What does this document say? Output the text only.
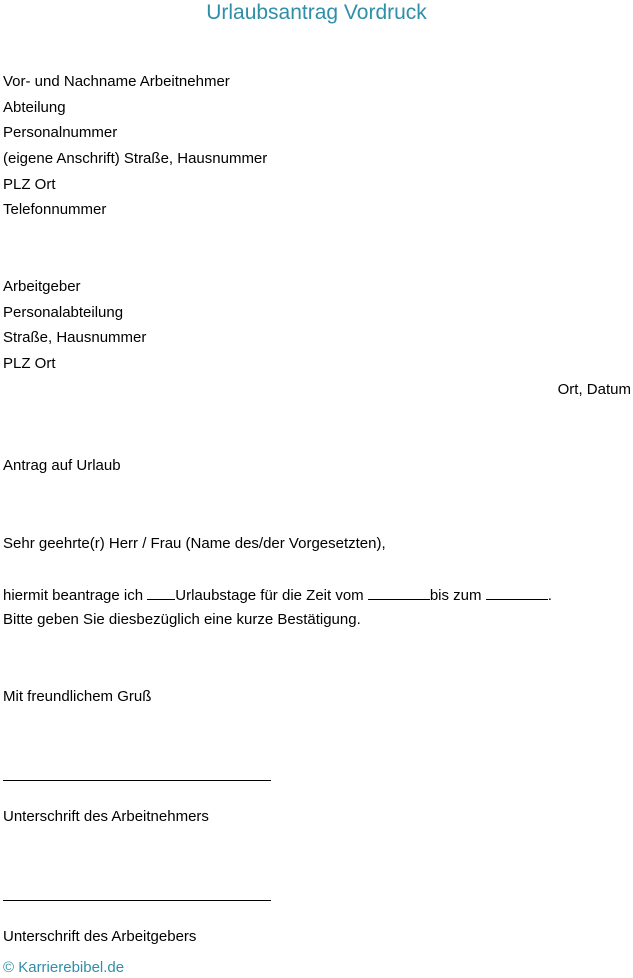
Urlaubsantrag Vordruck
Vor- und Nachname Arbeitnehmer
Abteilung
Personalnummer
(eigene Anschrift) Straße, Hausnummer
PLZ Ort
Telefonnummer
Arbeitgeber
Personalabteilung
Straße, Hausnummer
PLZ Ort
Ort, Datum
Antrag auf Urlaub
Sehr geehrte(r) Herr / Frau (Name des/der Vorgesetzten),
hiermit beantrage ich Urlaubstage für die Zeit vom	bis zum	.
Bitte geben Sie diesbezüglich eine kurze Bestätigung.
Mit freundlichem Gruß
Unterschrift des Arbeitnehmers
Unterschrift des Arbeitgebers
© Karrierebibel.de
